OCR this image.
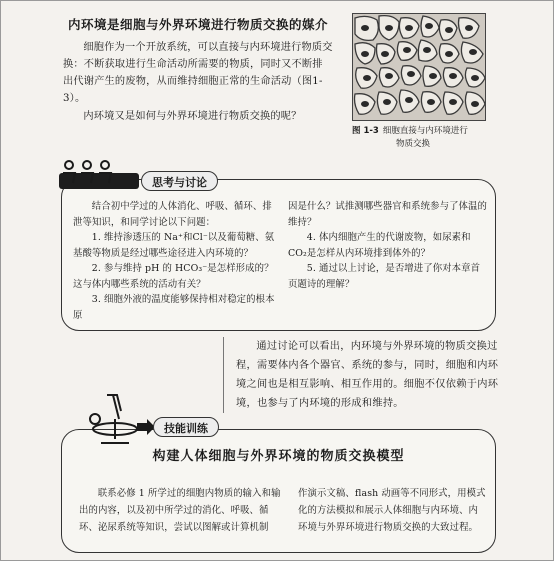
内环境是细胞与外界环境进行物质交换的媒介
细胞作为一个开放系统，可以直接与内环境进行物质交换：不断获取进行生命活动所需要的物质，同时又不断排出代谢产生的废物，从而维持细胞正常的生命活动（图1-3）。
内环境又是如何与外界环境进行物质交换的呢？
图 1-3 细胞直接与内环境进行
物质交换
思考与讨论
结合初中学过的人体消化、呼吸、循环、排泄等知识，和同学讨论以下问题：
1. 维持渗透压的 Na⁺和Cl⁻以及葡萄糖、氨基酸等物质是经过哪些途径进入内环境的？
2. 参与维持 pH 的 HCO₃⁻是怎样形成的？这与体内哪些系统的活动有关？
3. 细胞外液的温度能够保持相对稳定的根本原
因是什么？试推测哪些器官和系统参与了体温的维持？
4. 体内细胞产生的代谢废物，如尿素和CO₂是怎样从内环境排到体外的？
5. 通过以上讨论，是否增进了你对本章首页题诗的理解？
通过讨论可以看出，内环境与外界环境的物质交换过程，需要体内各个器官、系统的参与，同时，细胞和内环境之间也是相互影响、相互作用的。细胞不仅依赖于内环境，也参与了内环境的形成和维持。
技能训练
构建人体细胞与外界环境的物质交换模型
联系必修 1 所学过的细胞内物质的输入和输出的内容，以及初中所学过的消化、呼吸、循环、泌尿系统等知识，尝试以图解或计算机制
作演示文稿、flash 动画等不同形式，用模式化的方法模拟和展示人体细胞与内环境、内环境与外界环境进行物质交换的大致过程。
